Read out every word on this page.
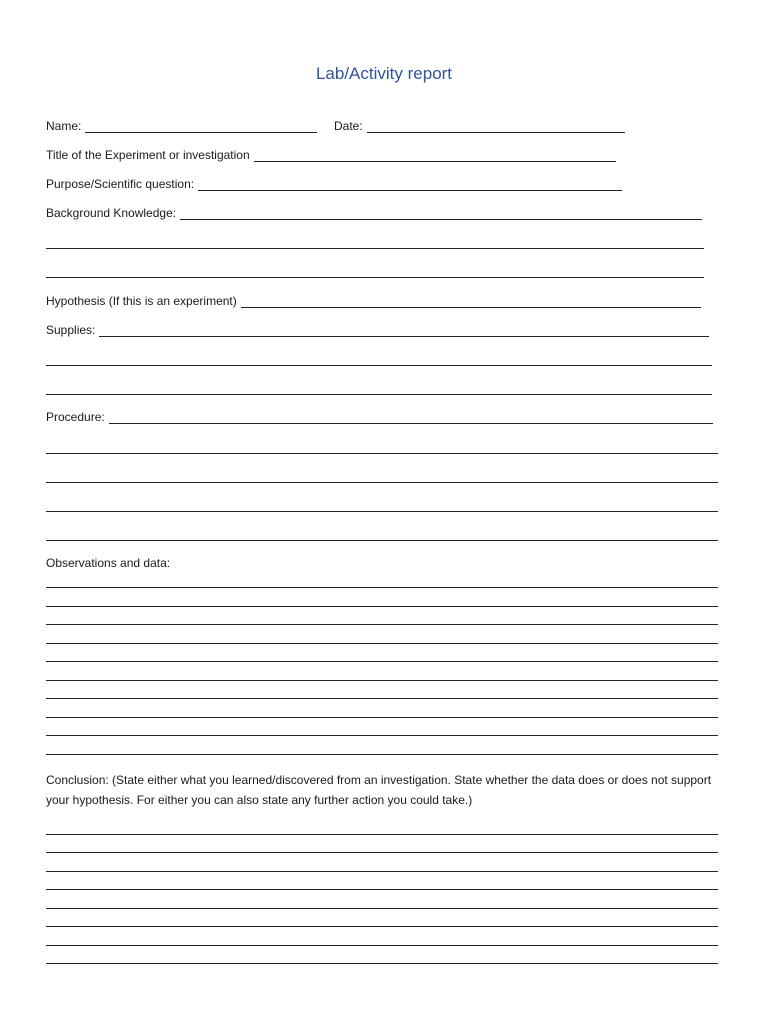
Lab/Activity report
Name:	Date:
Title of the Experiment or investigation
Purpose/Scientific question:
Background Knowledge:
Hypothesis (If this is an experiment)
Supplies:
Procedure:
Observations and data:
Conclusion: (State either what you learned/discovered from an investigation. State whether the data does or does not support your hypothesis. For either you can also state any further action you could take.)
